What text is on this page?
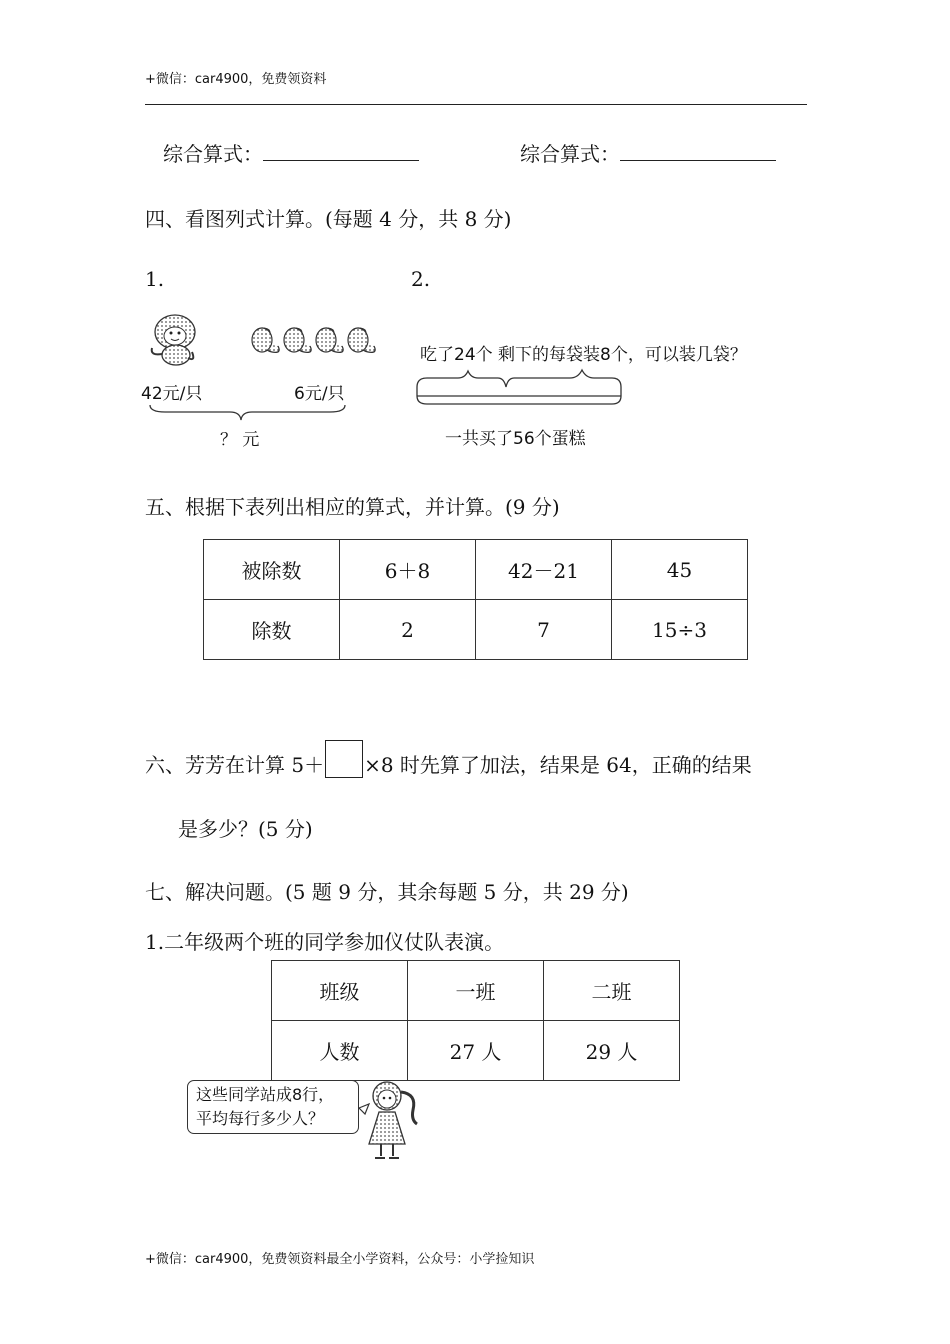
+微信：car4900，免费领资料
综合算式：	综合算式：
四、看图列式计算。(每题 4 分，共 8 分)
1.	2.
42元/只	6元/只
？ 元
吃了24个 剩下的每袋装8个，可以装几袋？
一共买了56个蛋糕
五、根据下表列出相应的算式，并计算。(9 分)
被除数	6＋8	42－21	45
除数	2	7	15÷3
六、芳芳在计算 5＋ ×8 时先算了加法，结果是 64，正确的结果
是多少？(5 分)
七、解决问题。(5 题 9 分，其余每题 5 分，共 29 分)
1.二年级两个班的同学参加仪仗队表演。
班级	一班	二班
人数	27 人	29 人
这些同学站成8行，
平均每行多少人？
+微信：car4900，免费领资料最全小学资料，公众号：小学捡知识
